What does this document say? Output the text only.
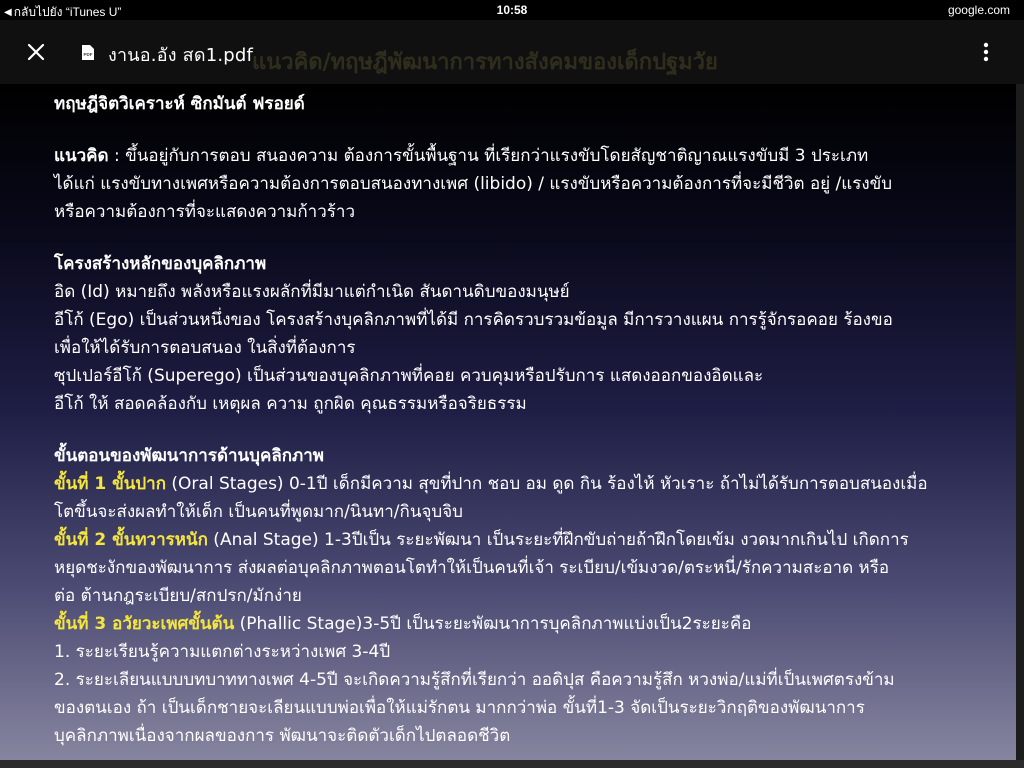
◀ กลับไปยัง “iTunes U”	10:58	google.com

ทฤษฎีจิตวิเคราะห์ ซิกมันต์ ฟรอยด์

แนวคิด : ขึ้นอยู่กับการตอบ สนองความ ต้องการขั้นพื้นฐาน ที่เรียกว่าแรงขับโดยสัญชาติญาณแรงขับมี 3 ประเภท

ได้แก่ แรงขับทางเพศหรือความต้องการตอบสนองทางเพศ (libido) / แรงขับหรือความต้องการที่จะมีชีวิต อยู่ /แรงขับ

หรือความต้องการที่จะแสดงความก้าวร้าว

โครงสร้างหลักของบุคลิกภาพ

อิด (Id) หมายถึง พลังหรือแรงผลักที่มีมาแต่กำเนิด สันดานดิบของมนุษย์

อีโก้ (Ego) เป็นส่วนหนึ่งของ โครงสร้างบุคลิกภาพที่ได้มี การคิดรวบรวมข้อมูล มีการวางแผน การรู้จักรอคอย ร้องขอ

เพื่อให้ได้รับการตอบสนอง ในสิ่งที่ต้องการ

ซุปเปอร์อีโก้ (Superego) เป็นส่วนของบุคลิกภาพที่คอย ควบคุมหรือปรับการ แสดงออกของอิดและ

อีโก้ ให้ สอดคล้องกับ เหตุผล ความ ถูกผิด คุณธรรมหรือจริยธรรม

ขั้นตอนของพัฒนาการด้านบุคลิกภาพ

ขั้นที่ 1 ขั้นปาก (Oral Stages) 0-1ปี เด็กมีความ สุขที่ปาก ชอบ อม ดูด กิน ร้องไห้ หัวเราะ ถ้าไม่ได้รับการตอบสนองเมื่อ

โตขึ้นจะส่งผลทำให้เด็ก เป็นคนที่พูดมาก/นินทา/กินจุบจิบ

ขั้นที่ 2 ขั้นทวารหนัก (Anal Stage) 1-3ปีเป็น ระยะพัฒนา เป็นระยะที่ฝึกขับถ่ายถ้าฝึกโดยเข้ม งวดมากเกินไป เกิดการ

หยุดชะงักของพัฒนาการ ส่งผลต่อบุคลิกภาพตอนโตทำให้เป็นคนที่เจ้า ระเบียบ/เข้มงวด/ตระหนี่/รักความสะอาด หรือ

ต่อ ต้านกฎระเบียบ/สกปรก/มักง่าย

ขั้นที่ 3 อวัยวะเพศขั้นต้น (Phallic Stage)3-5ปี เป็นระยะพัฒนาการบุคลิกภาพแบ่งเป็น2ระยะคือ

1. ระยะเรียนรู้ความแตกต่างระหว่างเพศ 3-4ปี

2. ระยะเลียนแบบบทบาททางเพศ 4-5ปี จะเกิดความรู้สึกที่เรียกว่า ออดิปุส คือความรู้สึก หวงพ่อ/แม่ที่เป็นเพศตรงข้าม

ของตนเอง ถ้า เป็นเด็กชายจะเลียนแบบพ่อเพื่อให้แม่รักตน มากกว่าพ่อ ขั้นที่1-3 จัดเป็นระยะวิกฤติของพัฒนาการ

บุคลิกภาพเนื่องจากผลของการ พัฒนาจะติดตัวเด็กไปตลอดชีวิต

PDF งานอ.อัง สด1.pdf
